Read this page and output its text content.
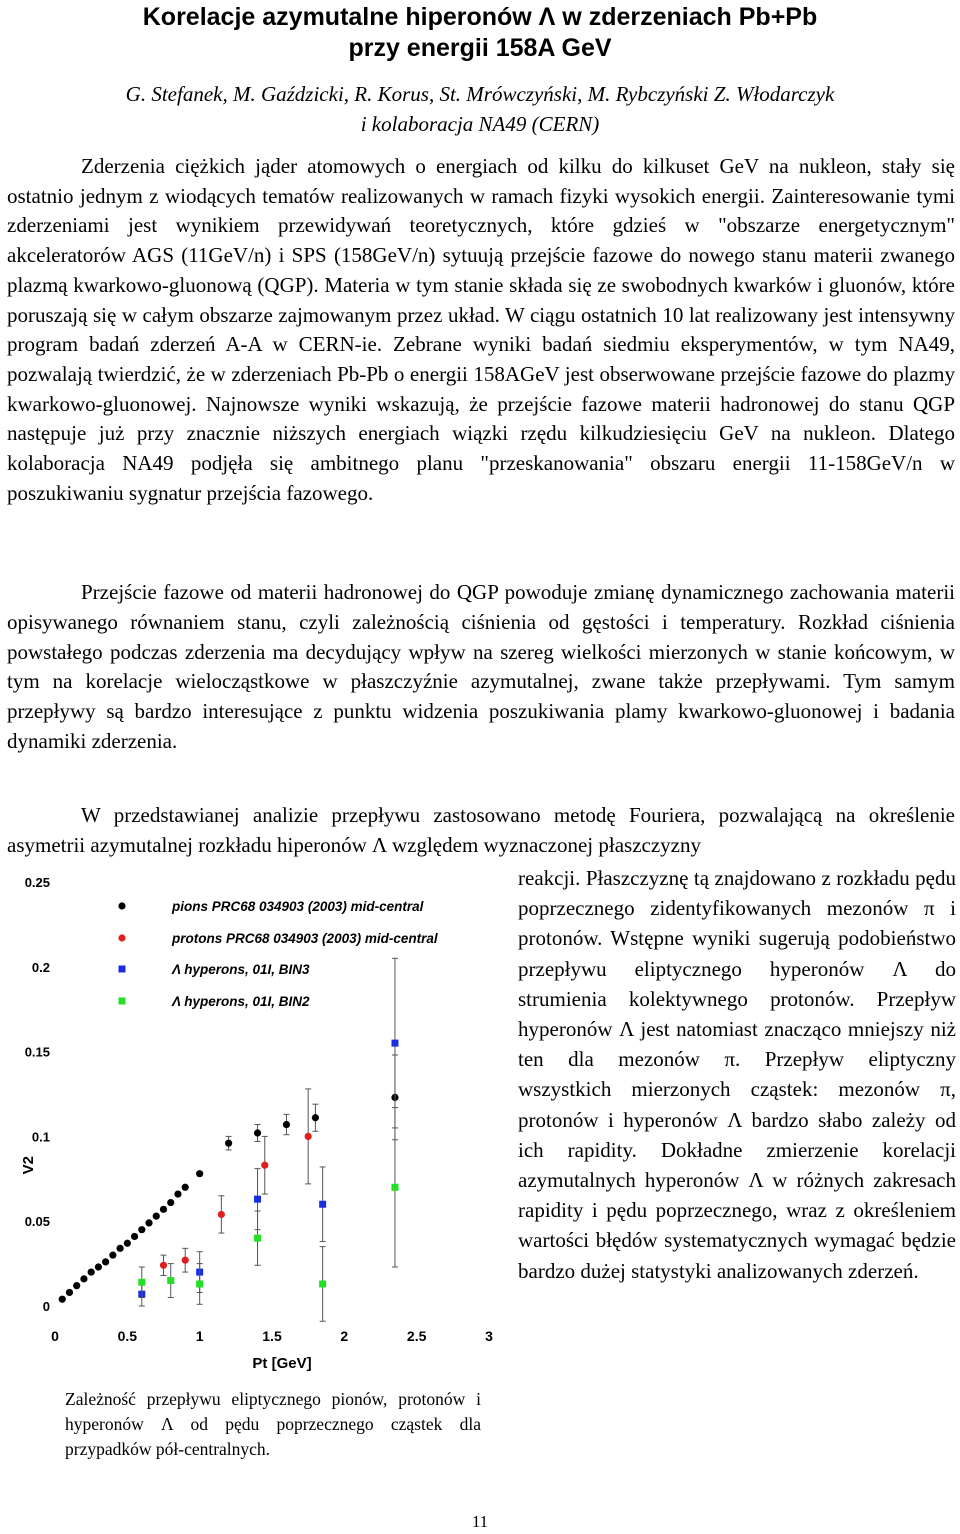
Korelacje azymutalne hiperonów Λ w zderzeniach Pb+Pb
przy energii 158A GeV
G. Stefanek, M. Gaździcki, R. Korus, St. Mrówczyński, M. Rybczyński Z. Włodarczyk
i kolaboracja NA49 (CERN)
Zderzenia ciężkich jąder atomowych o energiach od kilku do kilkuset GeV na nukleon, stały się ostatnio jednym z wiodących tematów realizowanych w ramach fizyki wysokich energii. Zainteresowanie tymi zderzeniami jest wynikiem przewidywań teoretycznych, które gdzieś w "obszarze energetycznym" akceleratorów AGS (11GeV/n) i SPS (158GeV/n) sytuują przejście fazowe do nowego stanu materii zwanego plazmą kwarkowo-gluonową (QGP). Materia w tym stanie składa się ze swobodnych kwarków i gluonów, które poruszają się w całym obszarze zajmowanym przez układ. W ciągu ostatnich 10 lat realizowany jest intensywny program badań zderzeń A-A w CERN-ie. Zebrane wyniki badań siedmiu eksperymentów, w tym NA49, pozwalają twierdzić, że w zderzeniach Pb-Pb o energii 158AGeV jest obserwowane przejście fazowe do plazmy kwarkowo-gluonowej. Najnowsze wyniki wskazują, że przejście fazowe materii hadronowej do stanu QGP następuje już przy znacznie niższych energiach wiązki rzędu kilkudziesięciu GeV na nukleon. Dlatego kolaboracja NA49 podjęła się ambitnego planu "przeskanowania" obszaru energii 11-158GeV/n w poszukiwaniu sygnatur przejścia fazowego.
Przejście fazowe od materii hadronowej do QGP powoduje zmianę dynamicznego zachowania materii opisywanego równaniem stanu, czyli zależnością ciśnienia od gęstości i temperatury. Rozkład ciśnienia powstałego podczas zderzenia ma decydujący wpływ na szereg wielkości mierzonych w stanie końcowym, w tym na korelacje wielocząstkowe w płaszczyźnie azymutalnej, zwane także przepływami. Tym samym przepływy są bardzo interesujące z punktu widzenia poszukiwania plamy kwarkowo-gluonowej i badania dynamiki zderzenia.
W przedstawianej analizie przepływu zastosowano metodę Fouriera, pozwalającą na określenie asymetrii azymutalnej rozkładu hiperonów Λ względem wyznaczonej płaszczyzny
reakcji. Płaszczyznę tą znajdowano z rozkładu pędu poprzecznego zidentyfikowanych mezonów π i protonów. Wstępne wyniki sugerują podobieństwo przepływu eliptycznego hyperonów Λ do strumienia kolektywnego protonów. Przepływ hyperonów Λ jest natomiast znacząco mniejszy niż ten dla mezonów π. Przepływ eliptyczny wszystkich mierzonych cząstek: mezonów π, protonów i hyperonów Λ bardzo słabo zależy od ich rapidity. Dokładne zmierzenie korelacji azymutalnych hyperonów Λ w różnych zakresach rapidity i pędu poprzecznego, wraz z określeniem wartości błędów systematycznych wymagać będzie bardzo dużej statystyki analizowanych zderzeń.
0	0.5	1	1.5	2	2.5	3
0
0.05
0.1
0.15
0.2
0.25
Pt [GeV]
V2
pions PRC68 034903 (2003) mid-central
protons PRC68 034903 (2003) mid-central
Λ hyperons, 01I, BIN3
Λ hyperons, 01I, BIN2
Zależność przepływu eliptycznego pionów, protonów i hyperonów Λ od pędu poprzecznego cząstek dla przypadków pół-centralnych.
11
